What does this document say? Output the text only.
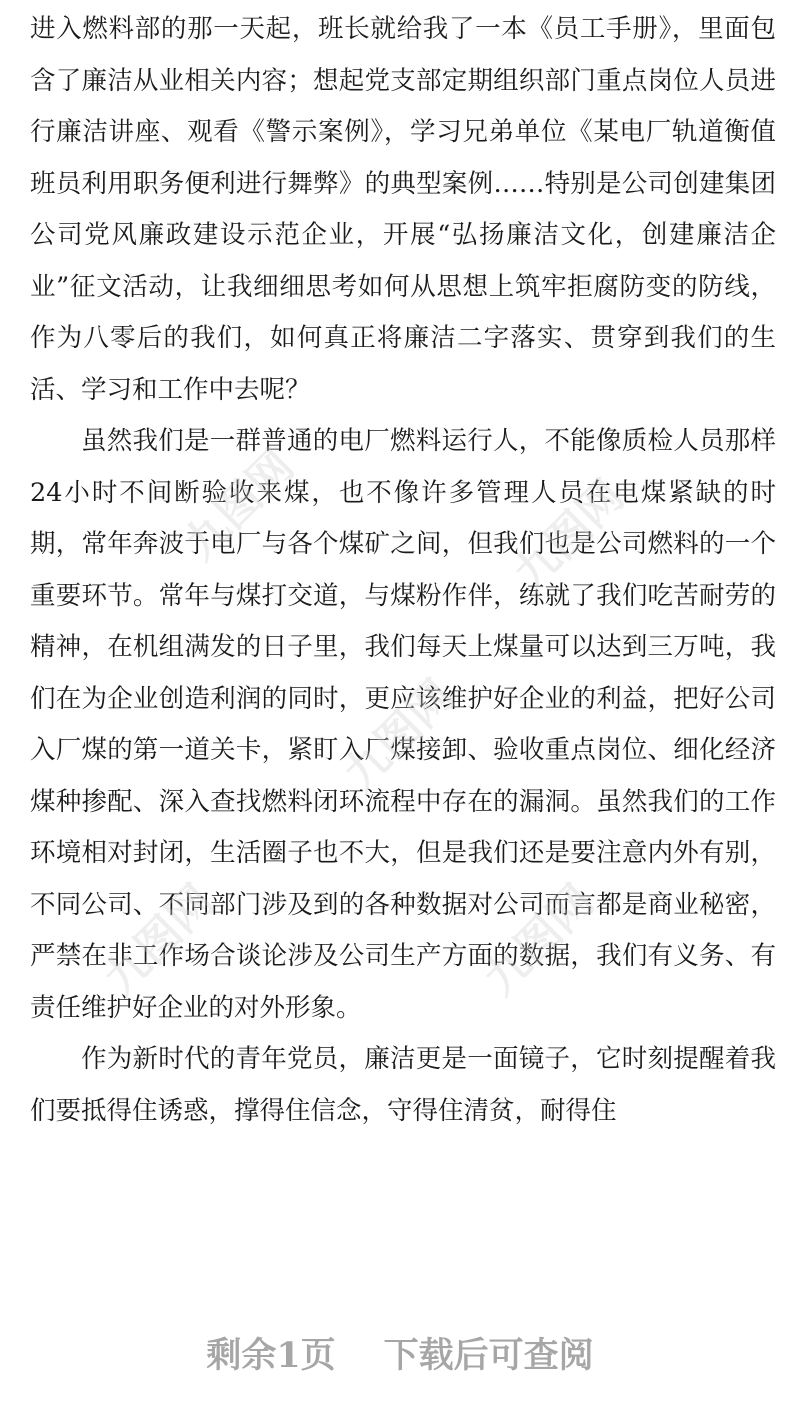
进入燃料部的那一天起，班长就给我了一本《员工手册》，里面包含了廉洁从业相关内容；想起党支部定期组织部门重点岗位人员进行廉洁讲座、观看《警示案例》，学习兄弟单位《某电厂轨道衡值班员利用职务便利进行舞弊》的典型案例……特别是公司创建集团公司党风廉政建设示范企业，开展“弘扬廉洁文化，创建廉洁企业”征文活动，让我细细思考如何从思想上筑牢拒腐防变的防线，作为八零后的我们，如何真正将廉洁二字落实、贯穿到我们的生活、学习和工作中去呢？

虽然我们是一群普通的电厂燃料运行人，不能像质检人员那样24小时不间断验收来煤，也不像许多管理人员在电煤紧缺的时期，常年奔波于电厂与各个煤矿之间，但我们也是公司燃料的一个重要环节。常年与煤打交道，与煤粉作伴，练就了我们吃苦耐劳的精神，在机组满发的日子里，我们每天上煤量可以达到三万吨，我们在为企业创造利润的同时，更应该维护好企业的利益，把好公司入厂煤的第一道关卡，紧盯入厂煤接卸、验收重点岗位、细化经济煤种掺配、深入查找燃料闭环流程中存在的漏洞。虽然我们的工作环境相对封闭，生活圈子也不大，但是我们还是要注意内外有别，不同公司、不同部门涉及到的各种数据对公司而言都是商业秘密，严禁在非工作场合谈论涉及公司生产方面的数据，我们有义务、有责任维护好企业的对外形象。

作为新时代的青年党员，廉洁更是一面镜子，它时刻提醒着我们要抵得住诱惑，撑得住信念，守得住清贫，耐得住

九图网	九图网
九图网
九图网	九图网
剩余1页 下载后可查阅
